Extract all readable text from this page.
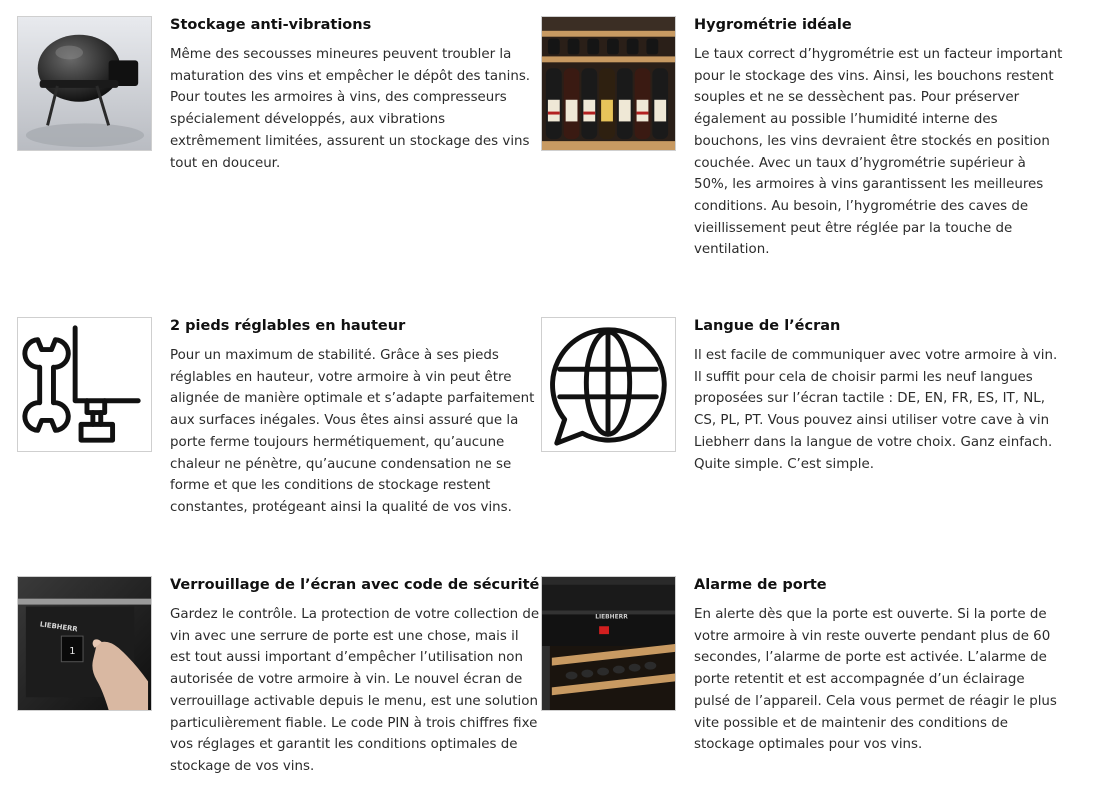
Stockage anti-vibrations

Même des secousses mineures peuvent troubler la maturation des vins et empêcher le dépôt des tanins. Pour toutes les armoires à vins, des compresseurs spécialement développés, aux vibrations extrêmement limitées, assurent un stockage des vins tout en douceur.

Hygrométrie idéale

Le taux correct d’hygrométrie est un facteur important pour le stockage des vins. Ainsi, les bouchons restent souples et ne se dessèchent pas. Pour préserver également au possible l’humidité interne des bouchons, les vins devraient être stockés en position couchée. Avec un taux d’hygrométrie supérieur à 50%, les armoires à vins garantissent les meilleures conditions. Au besoin, l’hygrométrie des caves de vieillissement peut être réglée par la touche de ventilation.

2 pieds réglables en hauteur

Pour un maximum de stabilité. Grâce à ses pieds réglables en hauteur, votre armoire à vin peut être alignée de manière optimale et s’adapte parfaitement aux surfaces inégales. Vous êtes ainsi assuré que la porte ferme toujours hermétiquement, qu’aucune chaleur ne pénètre, qu’aucune condensation ne se forme et que les conditions de stockage restent constantes, protégeant ainsi la qualité de vos vins.

Langue de l’écran

Il est facile de communiquer avec votre armoire à vin. Il suffit pour cela de choisir parmi les neuf langues proposées sur l’écran tactile : DE, EN, FR, ES, IT, NL, CS, PL, PT. Vous pouvez ainsi utiliser votre cave à vin Liebherr dans la langue de votre choix. Ganz einfach. Quite simple. C’est simple.

LIEBHERR
1

Verrouillage de l’écran avec code de sécurité

Gardez le contrôle. La protection de votre collection de vin avec une serrure de porte est une chose, mais il est tout aussi important d’empêcher l’utilisation non autorisée de votre armoire à vin. Le nouvel écran de verrouillage activable depuis le menu, est une solution particulièrement fiable. Le code PIN à trois chiffres fixe vos réglages et garantit les conditions optimales de stockage de vos vins.

LIEBHERR

Alarme de porte

En alerte dès que la porte est ouverte. Si la porte de votre armoire à vin reste ouverte pendant plus de 60 secondes, l’alarme de porte est activée. L’alarme de porte retentit et est accompagnée d’un éclairage pulsé de l’appareil. Cela vous permet de réagir le plus vite possible et de maintenir des conditions de stockage optimales pour vos vins.
